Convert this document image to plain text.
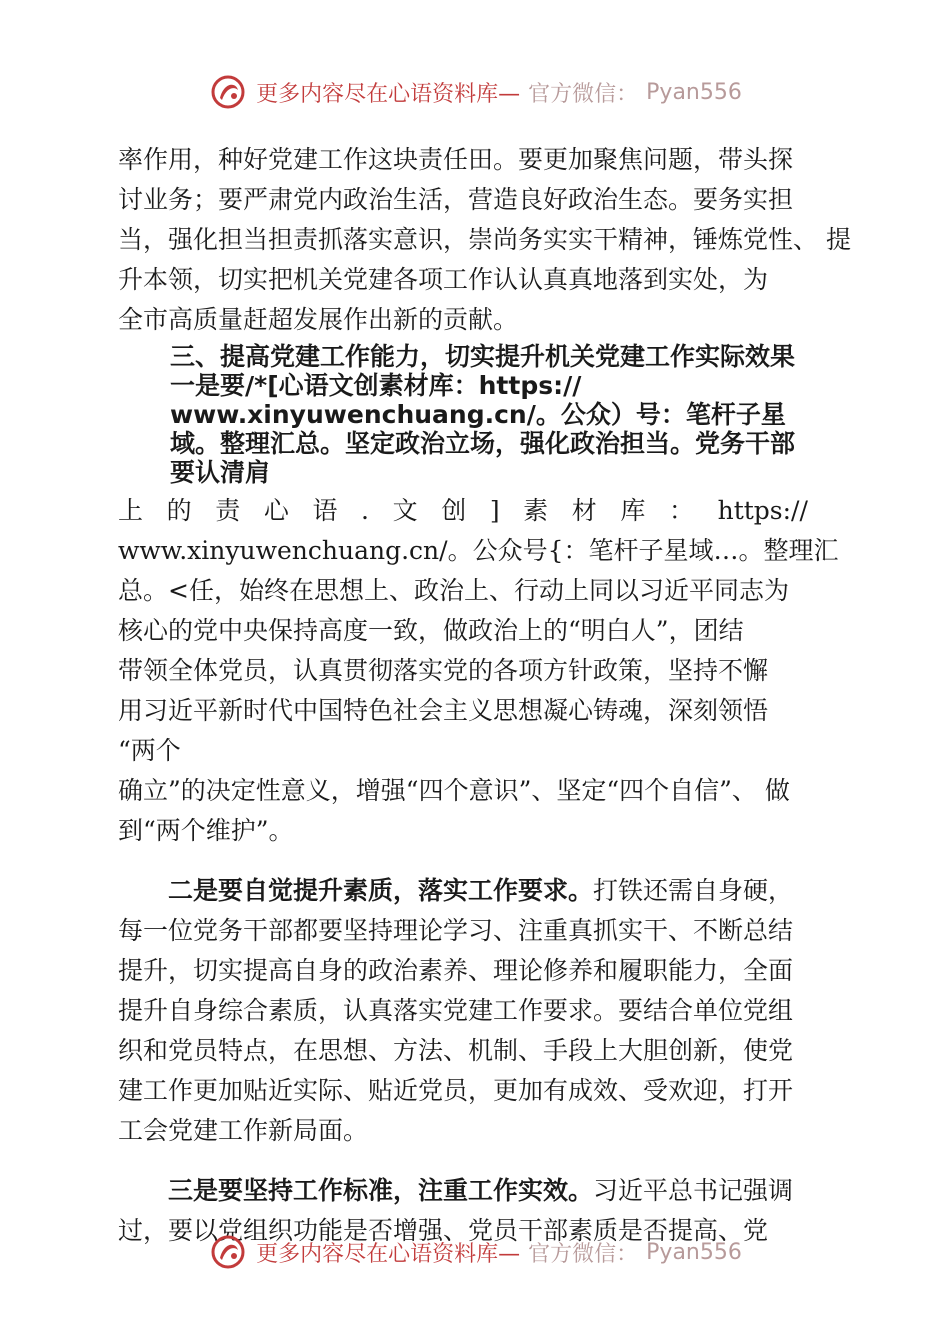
更多内容尽在心语资料库— 官方微信： Pyan556
率作用，种好党建工作这块责任田。要更加聚焦问题，带头探
讨业务；要严肃党内政治生活，营造良好政治生态。要务实担
当，强化担当担责抓落实意识，崇尚务实实干精神，锤炼党性、 提
升本领，切实把机关党建各项工作认认真真地落到实处，为
全市高质量赶超发展作出新的贡献。
三、提高党建工作能力，切实提升机关党建工作实际效果
一是要/*[心语文创素材库：https://
www.xinyuwenchuang.cn/。公众）号：笔杆子星
域。整理汇总。坚定政治立场，强化政治担当。党务干部
要认清肩
上 的 责 心 语 . 文 创 ] 素 材 库 ： https://
www.xinyuwenchuang.cn/。公众号{：笔杆子星域…。整理汇
总。<任，始终在思想上、政治上、行动上同以习近平同志为
核心的党中央保持高度一致，做政治上的“明白人”，团结
带领全体党员，认真贯彻落实党的各项方针政策，坚持不懈
用习近平新时代中国特色社会主义思想凝心铸魂，深刻领悟
“两个
确立”的决定性意义，增强“四个意识”、坚定“四个自信”、 做
到“两个维护”。
二是要自觉提升素质，落实工作要求。打铁还需自身硬，
每一位党务干部都要坚持理论学习、注重真抓实干、不断总结
提升，切实提高自身的政治素养、理论修养和履职能力，全面
提升自身综合素质，认真落实党建工作要求。要结合单位党组
织和党员特点，在思想、方法、机制、手段上大胆创新，使党
建工作更加贴近实际、贴近党员，更加有成效、受欢迎，打开
工会党建工作新局面。
三是要坚持工作标准，注重工作实效。习近平总书记强调
过，要以党组织功能是否增强、党员干部素质是否提高、党
更多内容尽在心语资料库— 官方微信： Pyan556
